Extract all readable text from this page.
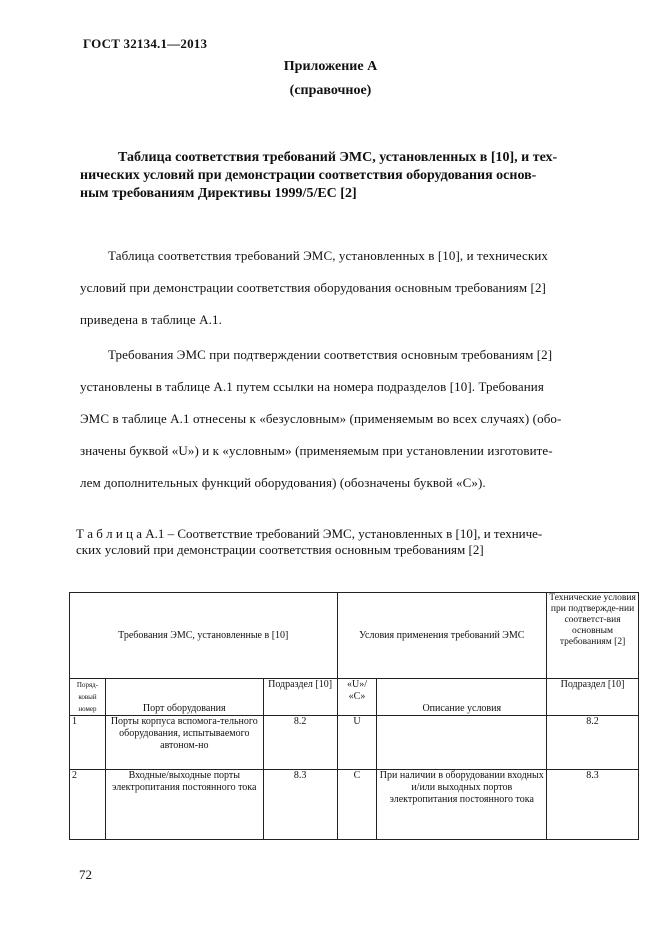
ГОСТ 32134.1—2013
Приложение А
(справочное)
Таблица соответствия требований ЭМС, установленных в [10], и тех-
нических условий при демонстрации соответствия оборудования основ-
ным требованиям Директивы 1999/5/ЕС [2]
Таблица соответствия требований ЭМС, установленных в [10], и технических
условий при демонстрации соответствия оборудования основным требованиям [2]
приведена в таблице А.1.
Требования ЭМС при подтверждении соответствия основным требованиям [2]
установлены в таблице А.1 путем ссылки на номера подразделов [10]. Требования
ЭМС в таблице А.1 отнесены к «безусловным» (применяемым во всех случаях) (обо-
значены буквой «U») и к «условным» (применяемым при установлении изготовите-
лем дополнительных функций оборудования) (обозначены буквой «С»).
Т а б л и ц а А.1 – Соответствие требований ЭМС, установленных в [10], и техниче-
ских условий при демонстрации соответствия основным требованиям [2]
Требования ЭМС, установленные в [10]			Условия применения требований ЭМС		Технические условия при подтвержде-нии соответст-вия основным требованиям [2]
Поряд-ковый номер	Порт оборудования	Подраздел [10]	«U»/ «С»	Описание условия	Подраздел [10]
1	Порты корпуса вспомога-тельного оборудования, испытываемого автоном-но	8.2	U		8.2
2	Входные/выходные порты электропитания постоянного тока	8.3	С	При наличии в оборудовании входных и/или выходных портов электропитания постоянного тока	8.3
72
